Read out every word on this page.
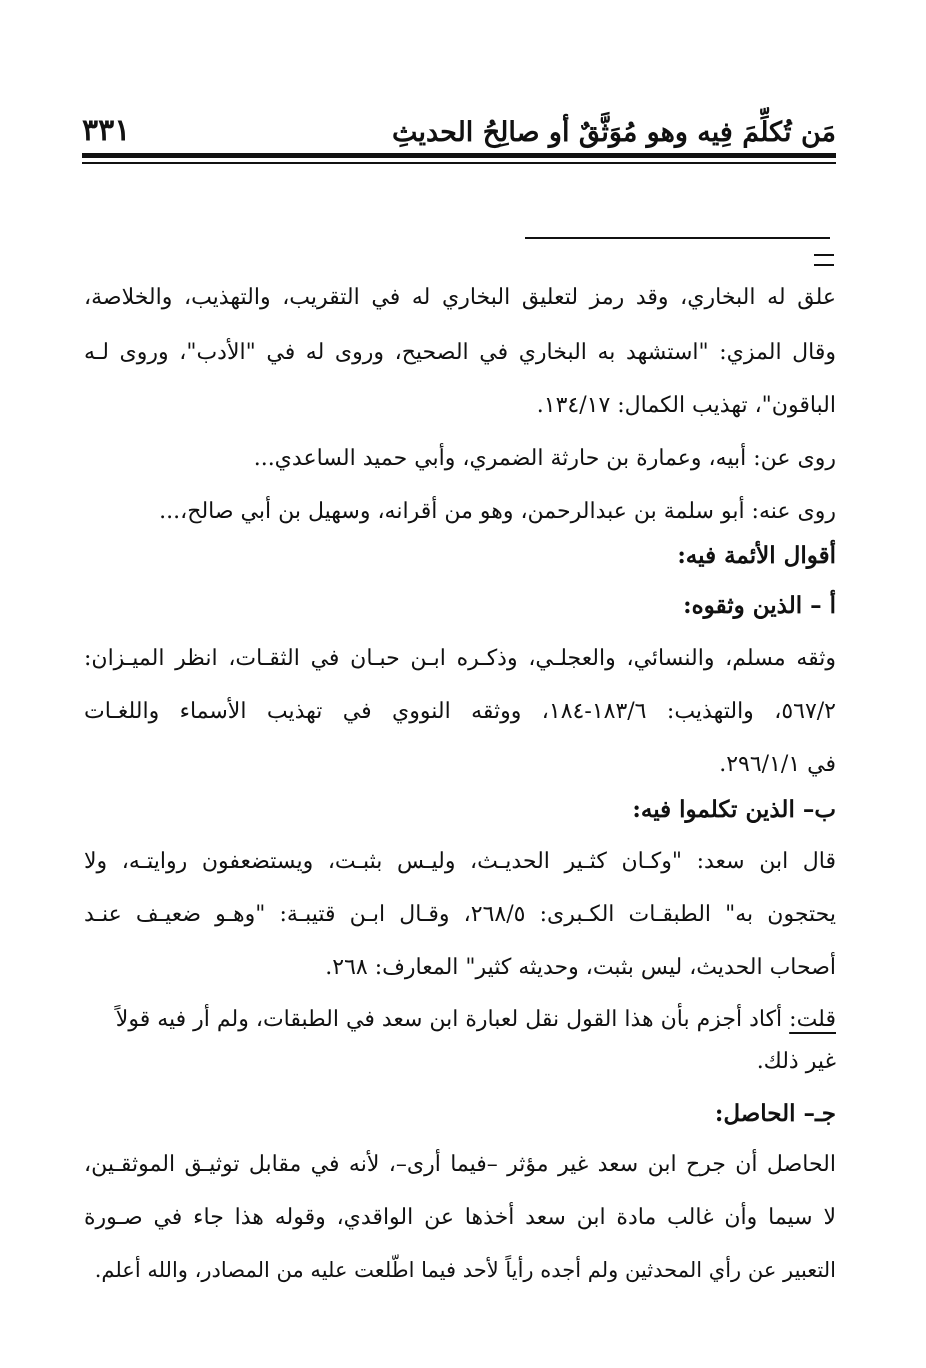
مَن تُكلِّمَ فِيه وهو مُوَثَّقٌ أو صالِحُ الحديثِ
٣٣١
علق له البخاري، وقد رمز لتعليق البخاري له في التقريب، والتهذيب، والخلاصة،
وقال المزي: "استشهد به البخاري في الصحيح، وروى له في "الأدب"، وروى لـه
الباقون"، تهذيب الكمال: ١٣٤/١٧.
روى عن: أبيه، وعمارة بن حارثة الضمري، وأبي حميد الساعدي...
روى عنه: أبو سلمة بن عبدالرحمن، وهو من أقرانه، وسهيل بن أبي صالح،...
أقوال الأئمة فيه:
أ – الذين وثقوه:
وثقه مسلم، والنسائي، والعجلـي، وذكـره ابـن حبـان في الثقـات، انظر الميـزان:
٥٦٧/٢، والتهذيب: ١٨٣/٦-١٨٤، ووثقه النووي في تهذيب الأسماء واللغـات
في ٢٩٦/١/١.
ب– الذين تكلموا فيه:
قال ابن سعد: "وكـان كثـير الحديـث، وليـس بثبـت، ويستضعفون روايتـه، ولا
يحتجون به" الطبقـات الكـبرى: ٢٦٨/٥، وقـال ابـن قتيبـة: "وهـو ضعيـف عنـد
أصحاب الحديث، ليس بثبت، وحديثه كثير" المعارف: ٢٦٨.
قلت: أكاد أجزم بأن هذا القول نقل لعبارة ابن سعد في الطبقات، ولم أر فيه قولاً
غير ذلك.
جـ– الحاصل:
الحاصل أن جرح ابن سعد غير مؤثر –فيما أرى–، لأنه في مقابل توثيـق الموثقـين،
لا سيما وأن غالب مادة ابن سعد أخذها عن الواقدي، وقوله هذا جاء في صـورة
التعبير عن رأي المحدثين ولم أجده رأياً لأحد فيما اطّلعت عليه من المصادر، والله أعلم.
